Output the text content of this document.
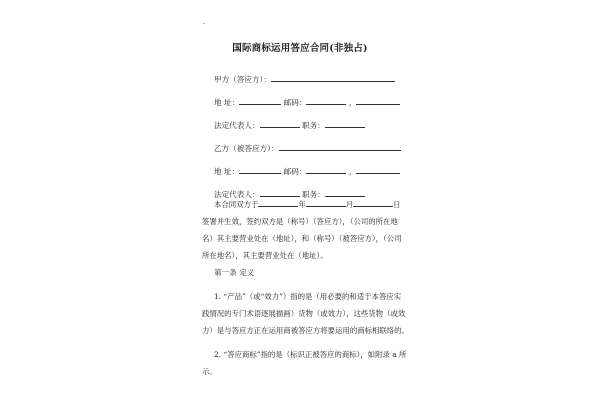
·
国际商标运用答应合同(非独占)
甲方（答应方）：
地 址：	邮码：	，
法定代表人：	职务：
乙方（被答应方）：
地 址：	邮码：	，
法定代表人：	职务：
本合同双方于	年	月	日
签署并生效，签约双方是（称号）（答应方），（公司的所在地
名）其主要营业处在（地址），和（称号）（被答应方），（公司
所在地名），其主要营业处在（地址）。
第一条 定义
1. “产品”（或“效力”）指的是（用必要的和适于本答应实
践情况的专门术语逐展描画）货物（或效力），这些货物（或效
力）是与答应方正在运用商被答应方将要运用的商标相联络的。
2. “答应商标”指的是（标识正被答应的商标），如附录 a 所
示。
